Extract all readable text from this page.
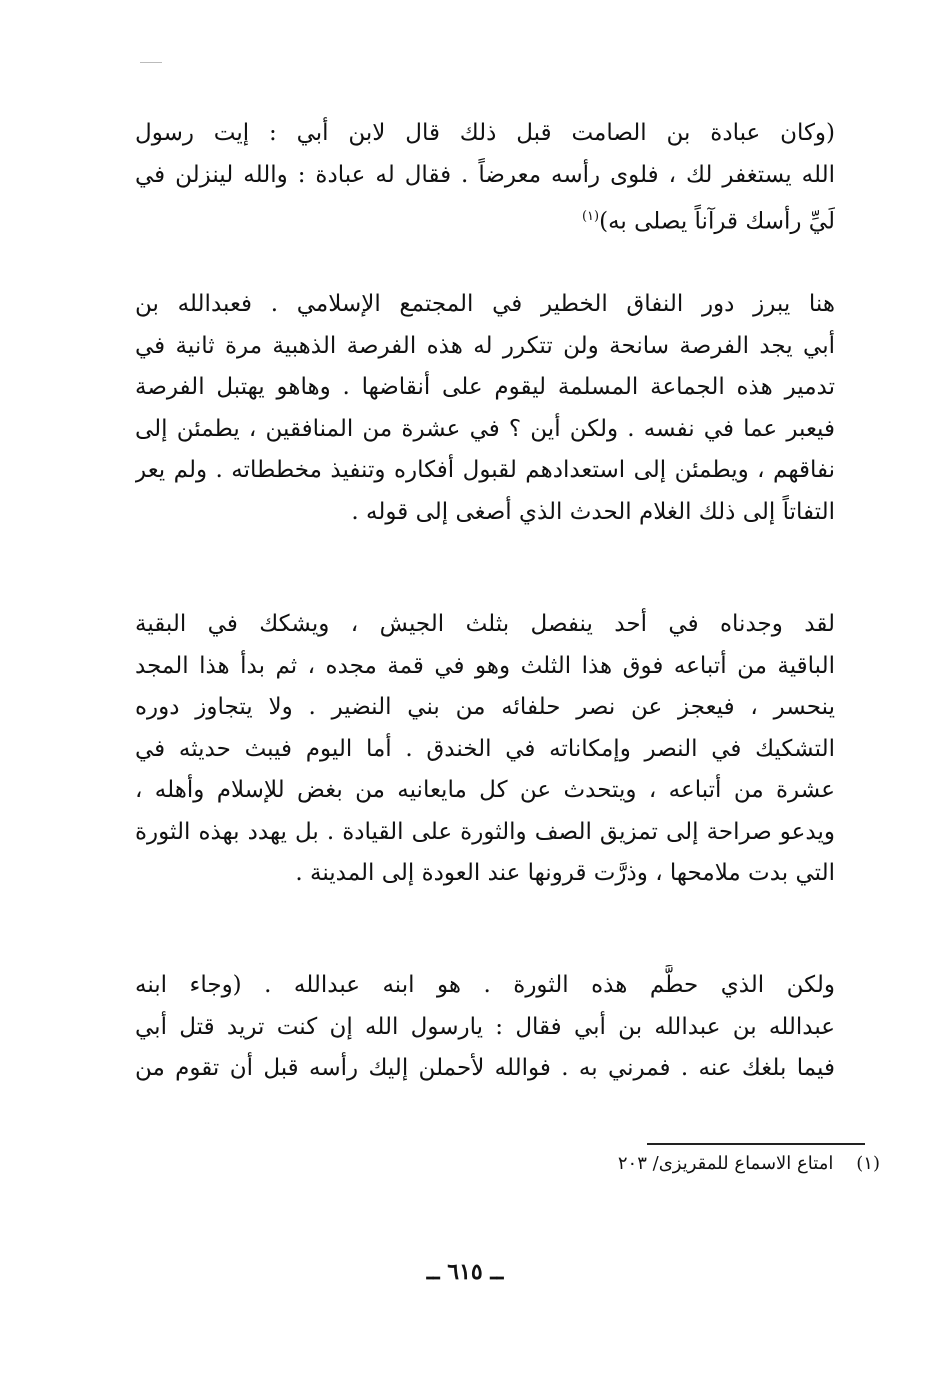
(وكان عبادة بن الصامت قبل ذلك قال لابن أبي : إيت رسول
الله يستغفر لك ، فلوى رأسه معرضاً . فقال له عبادة : والله لينزلن في
لَيِّ رأسك قرآناً يصلى به)$^{(١)}$
هنا يبرز دور النفاق الخطير في المجتمع الإسلامي . فعبدالله بن
أبي يجد الفرصة سانحة ولن تتكرر له هذه الفرصة الذهبية مرة ثانية في
تدمير هذه الجماعة المسلمة ليقوم على أنقاضها . وهاهو يهتبل الفرصة
فيعبر عما في نفسه . ولكن أين ؟ في عشرة من المنافقين ، يطمئن إلى
نفاقهم ، ويطمئن إلى استعدادهم لقبول أفكاره وتنفيذ مخططاته . ولم يعر
التفاتاً إلى ذلك الغلام الحدث الذي أصغى إلى قوله .
لقد وجدناه في أحد ينفصل بثلث الجيش ، ويشكك في البقية
الباقية من أتباعه فوق هذا الثلث وهو في قمة مجده ، ثم بدأ هذا المجد
ينحسر ، فيعجز عن نصر حلفائه من بني النضير . ولا يتجاوز دوره
التشكيك في النصر وإمكاناته في الخندق . أما اليوم فيبث حديثه في
عشرة من أتباعه ، ويتحدث عن كل مايعانيه من بغض للإسلام وأهله ،
ويدعو صراحة إلى تمزيق الصف والثورة على القيادة . بل يهدد بهذه الثورة
التي بدت ملامحها ، وذرَّت قرونها عند العودة إلى المدينة .
ولكن الذي حطَّم هذه الثورة . هو ابنه عبدالله . (وجاء ابنه
عبدالله بن عبدالله بن أبي فقال : يارسول الله إن كنت تريد قتل أبي
فيما بلغك عنه . فمرني به . فوالله لأحملن إليك رأسه قبل أن تقوم من
(١)    امتاع الاسماع للمقريزى/ ٢٠٣
ــ ٦١٥ ــ
